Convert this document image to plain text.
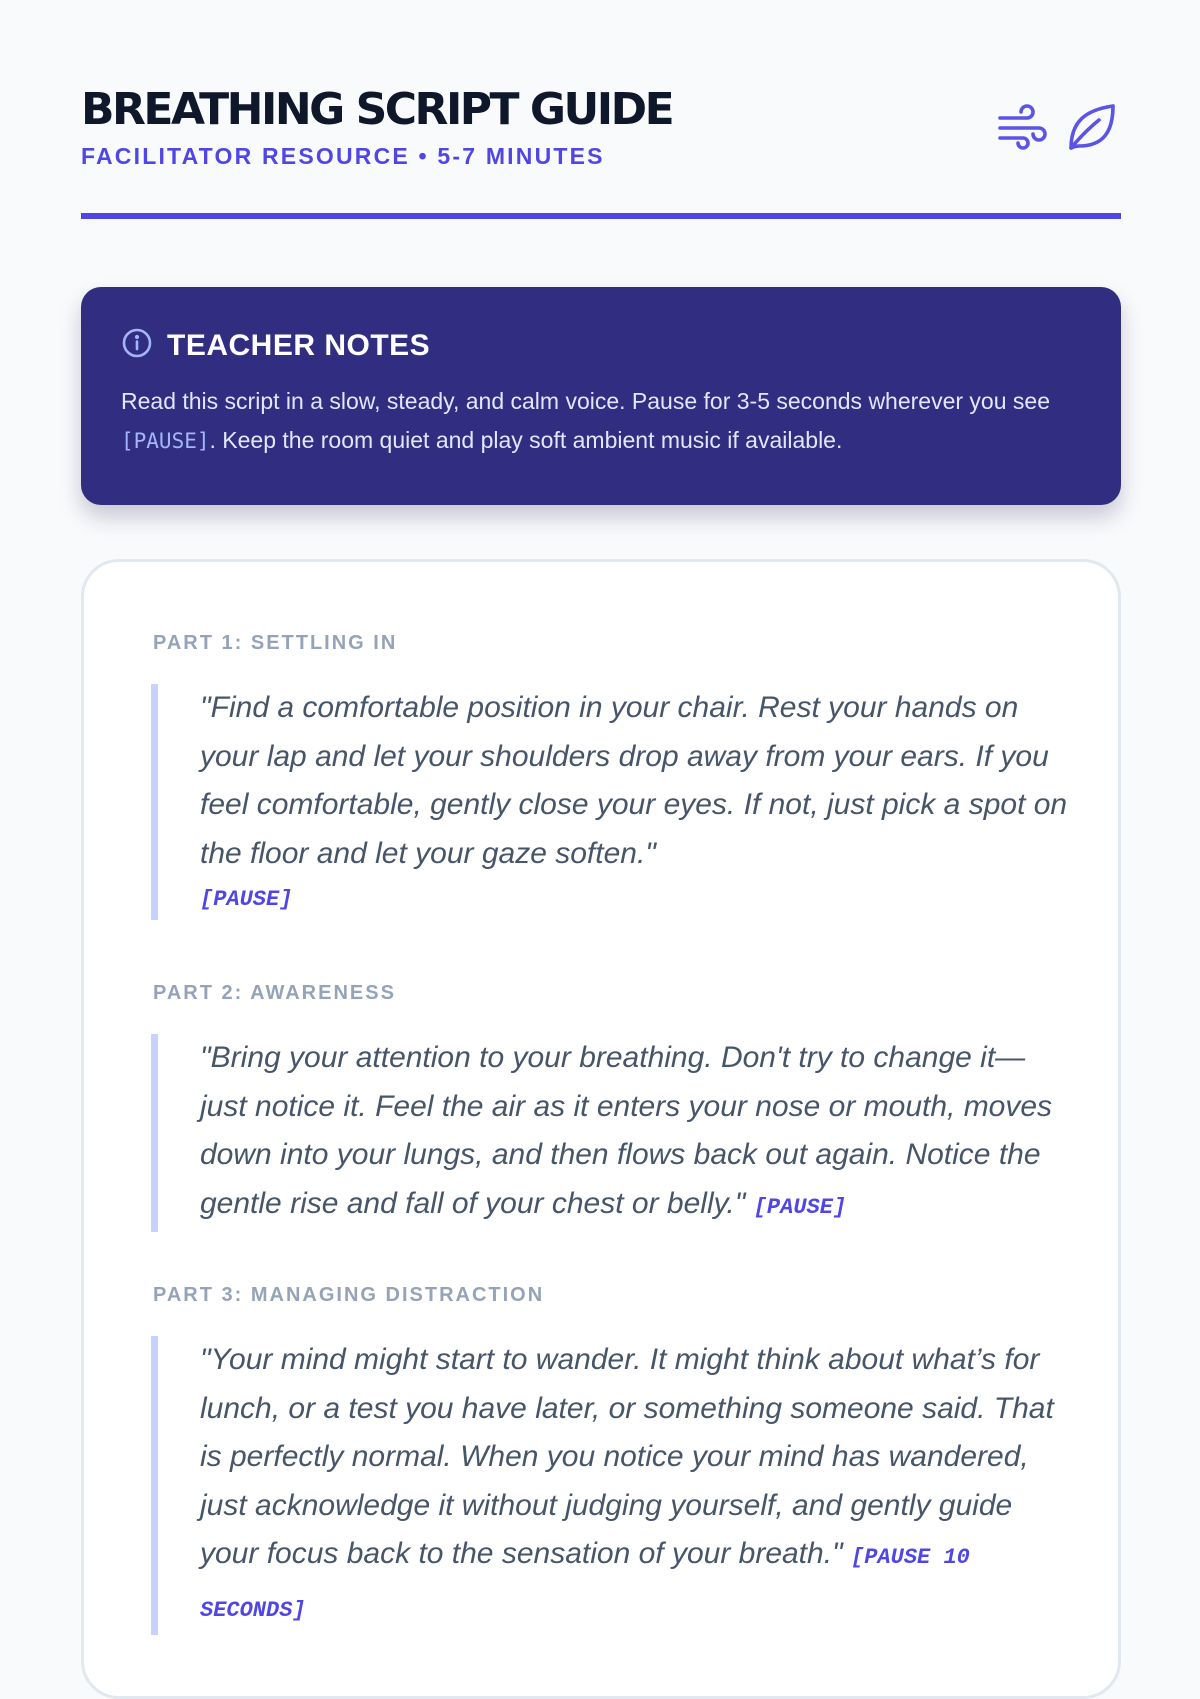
BREATHING SCRIPT GUIDE
FACILITATOR RESOURCE • 5-7 MINUTES
TEACHER NOTES

Read this script in a slow, steady, and calm voice. Pause for 3-5 seconds wherever you see [PAUSE]. Keep the room quiet and play soft ambient music if available.

PART 1: SETTLING IN
"Find a comfortable position in your chair. Rest your hands on your lap and let your shoulders drop away from your ears. If you feel comfortable, gently close your eyes. If not, just pick a spot on the floor and let your gaze soften."
[PAUSE]
PART 2: AWARENESS
"Bring your attention to your breathing. Don't try to change it—just notice it. Feel the air as it enters your nose or mouth, moves down into your lungs, and then flows back out again. Notice the gentle rise and fall of your chest or belly." [PAUSE]
PART 3: MANAGING DISTRACTION
"Your mind might start to wander. It might think about what’s for lunch, or a test you have later, or something someone said. That is perfectly normal. When you notice your mind has wandered, just acknowledge it without judging yourself, and gently guide your focus back to the sensation of your breath." [PAUSE 10 SECONDS]
